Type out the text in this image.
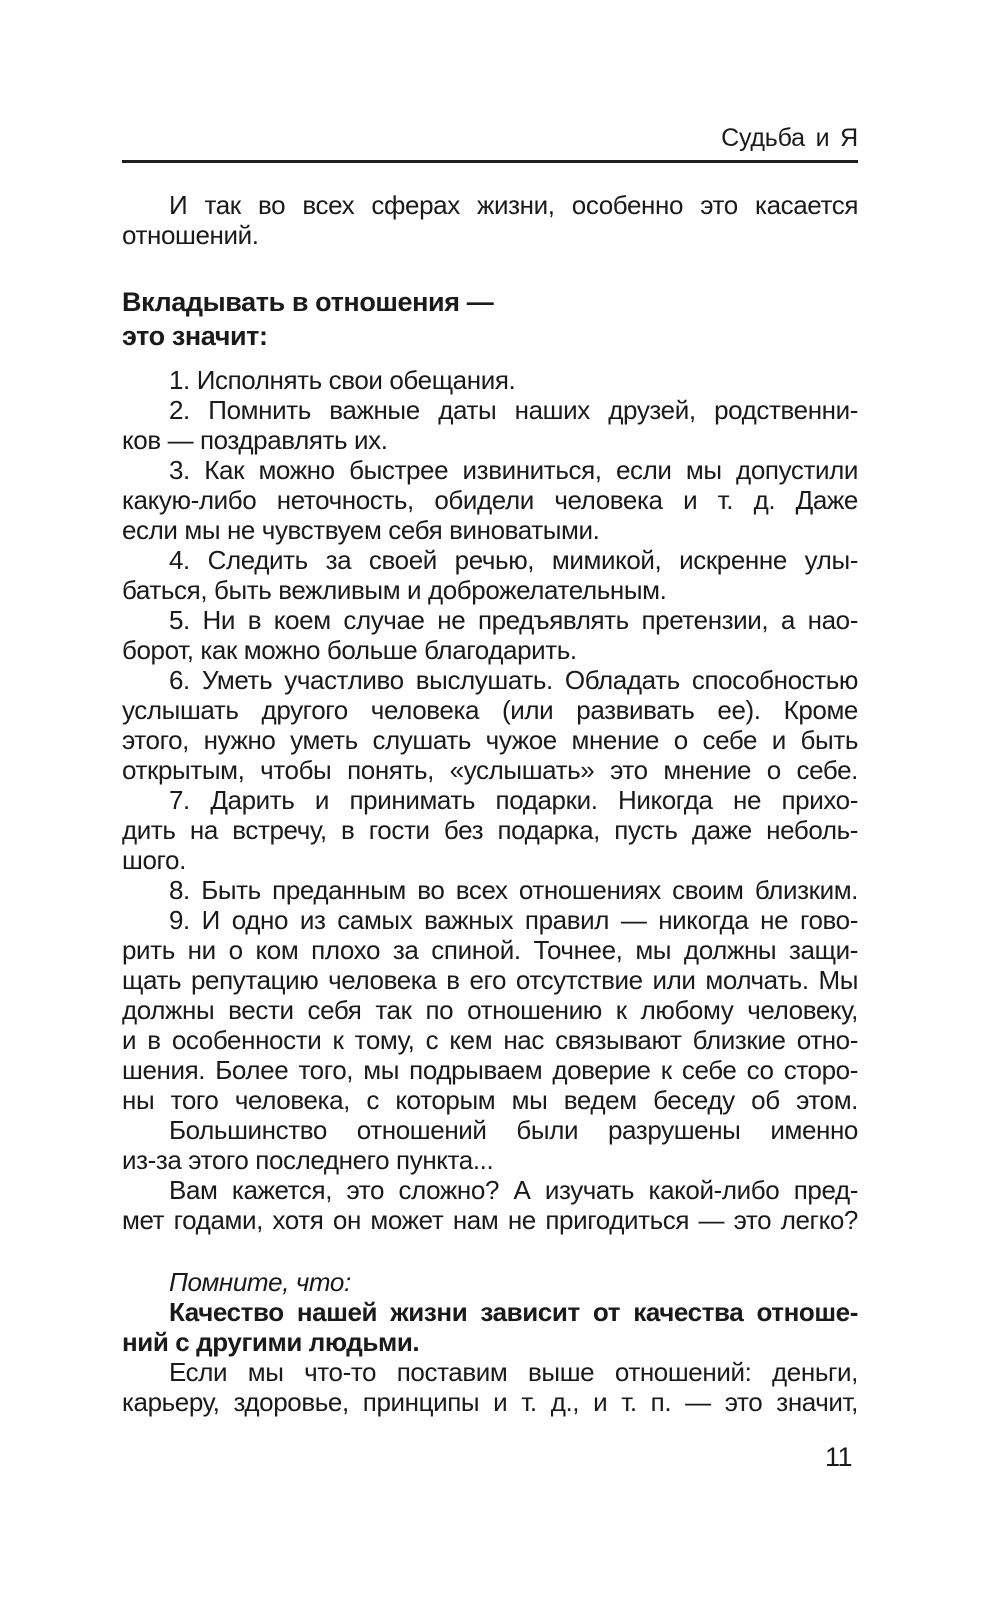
Судьба и Я
И так во всех сферах жизни, особенно это касается
отношений.
Вкладывать в отношения —
это значит:
1. Исполнять свои обещания.
2. Помнить важные даты наших друзей, родственни-
ков — поздравлять их.
3. Как можно быстрее извиниться, если мы допустили
какую-либо неточность, обидели человека и т. д. Даже
если мы не чувствуем себя виноватыми.
4. Следить за своей речью, мимикой, искренне улы-
баться, быть вежливым и доброжелательным.
5. Ни в коем случае не предъявлять претензии, а нао-
борот, как можно больше благодарить.
6. Уметь участливо выслушать. Обладать способностью
услышать другого человека (или развивать ее). Кроме
этого, нужно уметь слушать чужое мнение о себе и быть
открытым, чтобы понять, «услышать» это мнение о себе.
7. Дарить и принимать подарки. Никогда не прихо-
дить на встречу, в гости без подарка, пусть даже неболь-
шого.
8. Быть преданным во всех отношениях своим близким.
9. И одно из самых важных правил — никогда не гово-
рить ни о ком плохо за спиной. Точнее, мы должны защи-
щать репутацию человека в его отсутствие или молчать. Мы
должны вести себя так по отношению к любому человеку,
и в особенности к тому, с кем нас связывают близкие отно-
шения. Более того, мы подрываем доверие к себе со сторо-
ны того человека, с которым мы ведем беседу об этом.
Большинство отношений были разрушены именно
из-за этого последнего пункта...
Вам кажется, это сложно? А изучать какой-либо пред-
мет годами, хотя он может нам не пригодиться — это легко?
Помните, что:
Качество нашей жизни зависит от качества отноше-
ний с другими людьми.
Если мы что-то поставим выше отношений: деньги,
карьеру, здоровье, принципы и т. д., и т. п. — это значит,
11
